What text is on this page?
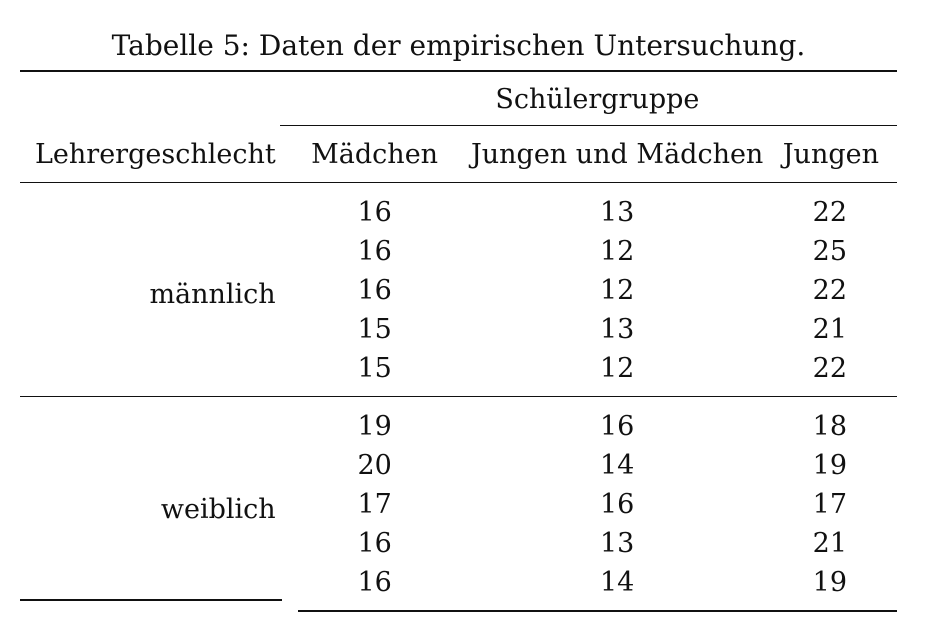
Tabelle 5: Daten der empirischen Untersuchung.
	Schülergruppe		
Lehrergeschlecht	Mädchen	Jungen und Mädchen	Jungen
männlich	16	13	22
	16	12	25
	16	12	22
	15	13	21
	15	12	22
weiblich	19	16	18
	20	14	19
	17	16	17
	16	13	21
	16	14	19
